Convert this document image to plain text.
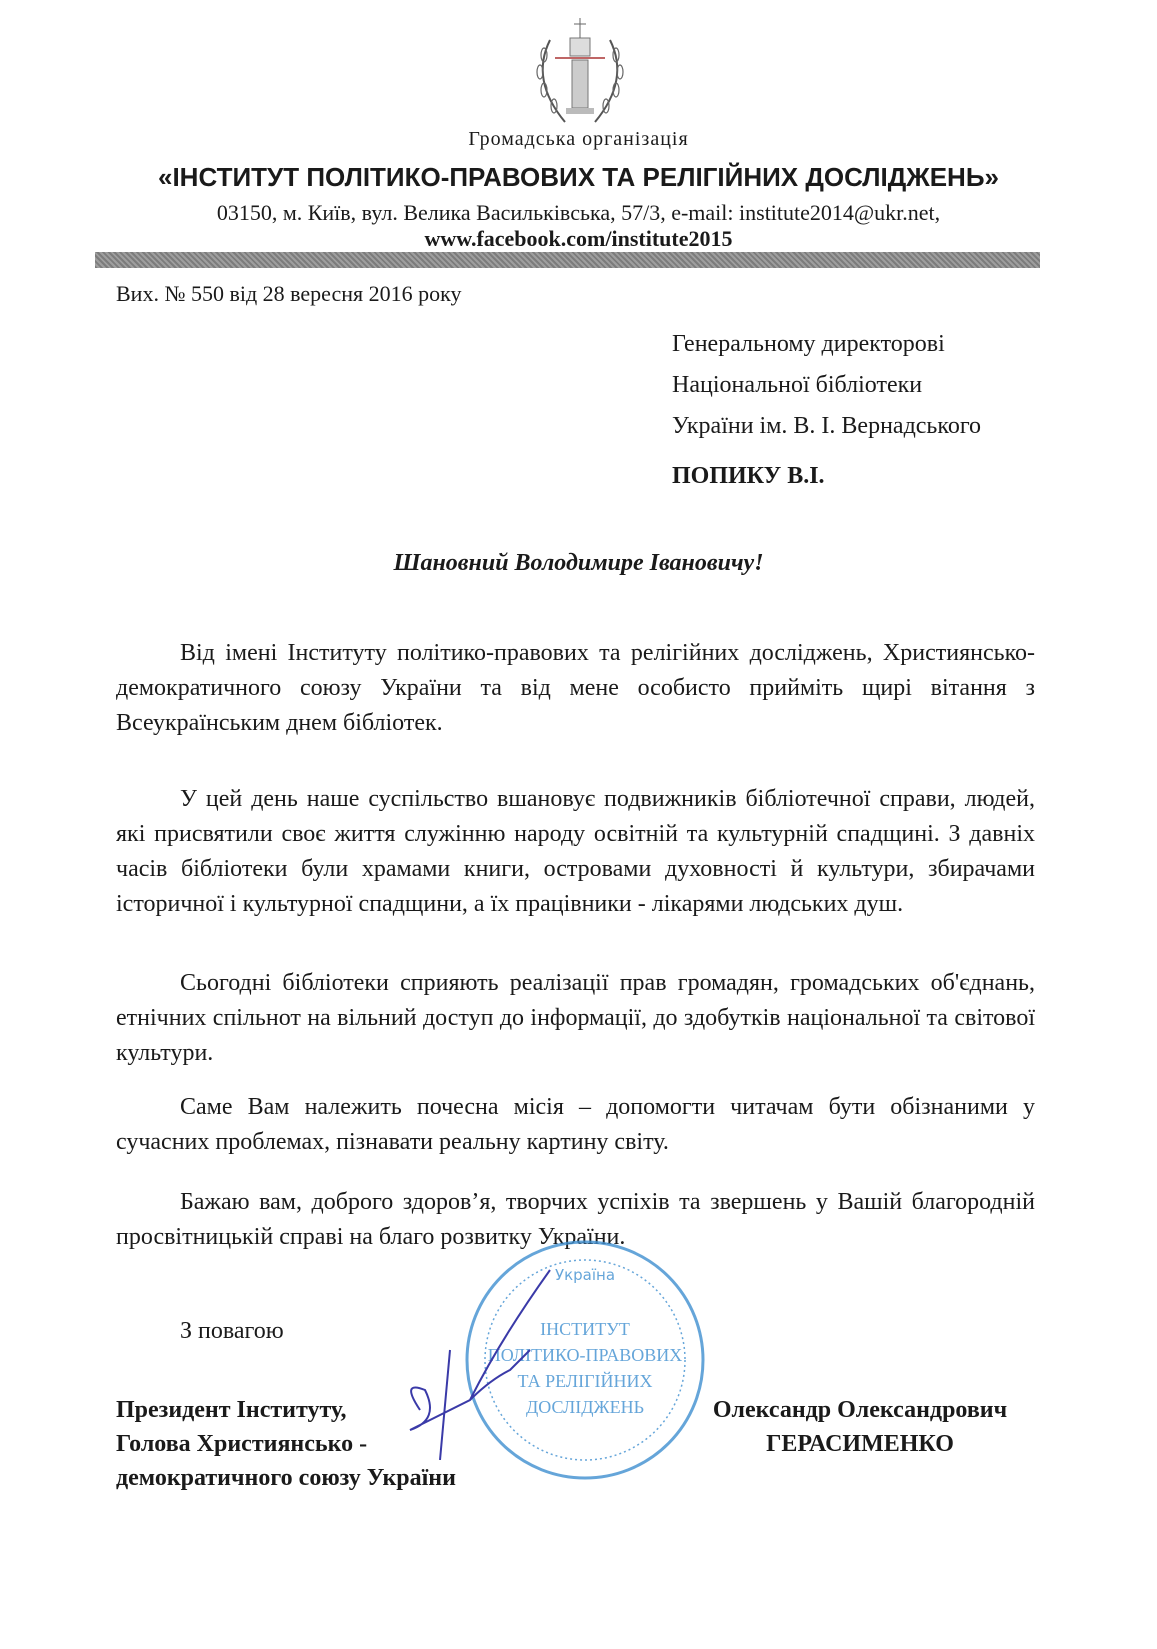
Громадська організація
«ІНСТИТУТ ПОЛІТИКО-ПРАВОВИХ ТА РЕЛІГІЙНИХ ДОСЛІДЖЕНЬ»
03150, м. Київ, вул. Велика Васильківська, 57/3, e-mail: institute2014@ukr.net,
www.facebook.com/institute2015
Вих. № 550 від 28 вересня 2016 року
Генеральному директорові
Національної бібліотеки
України ім. В. І. Вернадського
ПОПИКУ В.І.
Шановний Володимире Івановичу!

Від імені Інституту політико-правових та релігійних досліджень, Християнсько-демократичного союзу України та від мене особисто прийміть щирі вітання з Всеукраїнським днем бібліотек.

У цей день наше суспільство вшановує подвижників бібліотечної справи, людей, які присвятили своє життя служінню народу освітній та культурній спадщині. З давніх часів бібліотеки були храмами книги, островами духовності й культури, збирачами історичної і культурної спадщини, а їх працівники - лікарями людських душ.

Сьогодні бібліотеки сприяють реалізації прав громадян, громадських об'єднань, етнічних спільнот на вільний доступ до інформації, до здобутків національної та світової культури.

Саме Вам належить почесна місія – допомогти читачам бути обізнаними у сучасних проблемах, пізнавати реальну картину світу.

Бажаю вам, доброго здоров’я, творчих успіхів та звершень у Вашій благородній просвітницькій справі на благо розвитку України.

Україна
ІНСТИТУТ
ПОЛІТИКО-ПРАВОВИХ
ТА РЕЛІГІЙНИХ
ДОСЛІДЖЕНЬ
З повагою
Президент Інституту,
Голова Християнсько -
демократичного союзу України
Олександр Олександрович
ГЕРАСИМЕНКО
